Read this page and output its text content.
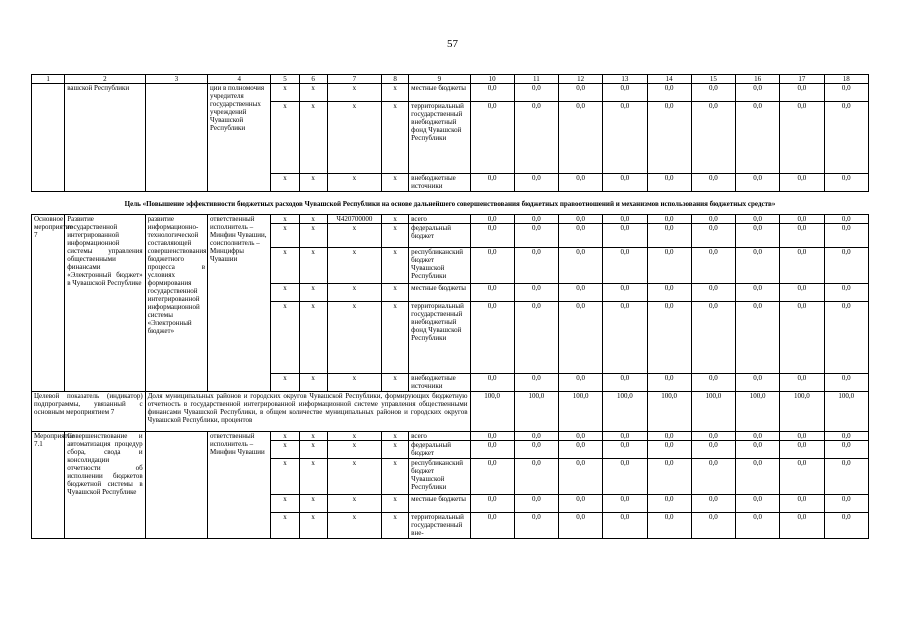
57
1	2	3	4	5	6	7	8	9	10	11	12	13	14	15	16	17	18
	вашской Республики		ции в полномочия учредителя государственных учреждений Чувашской Республики	x	x	x	x	местные бюджеты	0,0	0,0	0,0	0,0	0,0	0,0	0,0	0,0	0,0
				x	x	x	x	территориальный государственный внебюджетный фонд Чувашской Республики	0,0	0,0	0,0	0,0	0,0	0,0	0,0	0,0	0,0
				x	x	x	x	внебюджетные источники	0,0	0,0	0,0	0,0	0,0	0,0	0,0	0,0	0,0
Цель «Повышение эффективности бюджетных расходов Чувашской Республики на основе дальнейшего совершенствования бюджетных правоотношений и механизмов использования бюджетных средств»																	
Основное мероприятие 7	Развитие государственной интегрированной информационной системы управления общественными финансами «Электронный бюджет» в Чувашской Республике	развитие информационно-технологической составляющей совершенствования бюджетного процесса в условиях формирования государственной интегрированной информационной системы «Электронный бюджет»	ответственный исполнитель – Минфин Чувашии, соисполнитель – Минцифры Чувашии	x	x	Ч420700000	x	всего	0,0	0,0	0,0	0,0	0,0	0,0	0,0	0,0	0,0
				x	x	x	x	федеральный бюджет	0,0	0,0	0,0	0,0	0,0	0,0	0,0	0,0	0,0
				x	x	x	x	республиканский бюджет Чувашской Республики	0,0	0,0	0,0	0,0	0,0	0,0	0,0	0,0	0,0
				x	x	x	x	местные бюджеты	0,0	0,0	0,0	0,0	0,0	0,0	0,0	0,0	0,0
				x	x	x	x	территориальный государственный внебюджетный фонд Чувашской Республики	0,0	0,0	0,0	0,0	0,0	0,0	0,0	0,0	0,0
				x	x	x	x	внебюджетные источники	0,0	0,0	0,0	0,0	0,0	0,0	0,0	0,0	0,0
Целевой показатель (индикатор) подпрограммы, увязанный с основным мероприятием 7		Доля муниципальных районов и городских округов Чувашской Республики, формирующих бюджетную отчетность в государственной интегрированной информационной системе управления общественными финансами Чувашской Республики, в общем количестве муниципальных районов и городских округов Чувашской Республики, процентов							100,0	100,0	100,0	100,0	100,0	100,0	100,0	100,0	100,0
Мероприятие 7.1	Совершенствование и автоматизация процедур сбора, свода и консолидации отчетности об исполнении бюджетов бюджетной системы в Чувашской Республике		ответственный исполнитель – Минфин Чувашии	x	x	x	x	всего	0,0	0,0	0,0	0,0	0,0	0,0	0,0	0,0	0,0
				x	x	x	x	федеральный бюджет	0,0	0,0	0,0	0,0	0,0	0,0	0,0	0,0	0,0
				x	x	x	x	республиканский бюджет Чувашской Республики	0,0	0,0	0,0	0,0	0,0	0,0	0,0	0,0	0,0
				x	x	x	x	местные бюджеты	0,0	0,0	0,0	0,0	0,0	0,0	0,0	0,0	0,0
				x	x	x	x	территориальный государственный вне-	0,0	0,0	0,0	0,0	0,0	0,0	0,0	0,0	0,0
